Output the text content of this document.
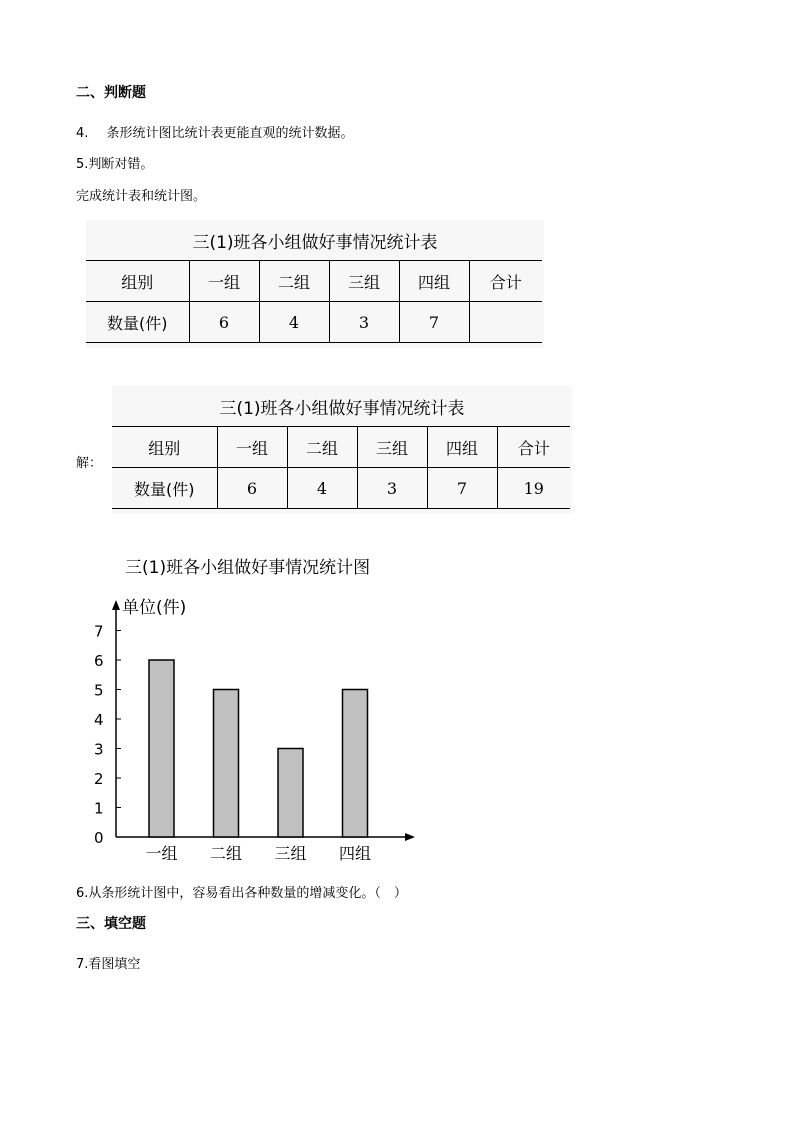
二、判断题
4. 条形统计图比统计表更能直观的统计数据。
5.判断对错。
完成统计表和统计图。
三(1)班各小组做好事情况统计表
组别	一组	二组	三组	四组	合计
数量(件)	6	4	3	7	
解：
三(1)班各小组做好事情况统计表
组别	一组	二组	三组	四组	合计
数量(件)	6	4	3	7	19
三(1)班各小组做好事情况统计图
0
1
2
3
4
5
6
7
一组 二组 三组 四组
单位(件)
6.从条形统计图中，容易看出各种数量的增减变化。（　）
三、填空题
7.看图填空
